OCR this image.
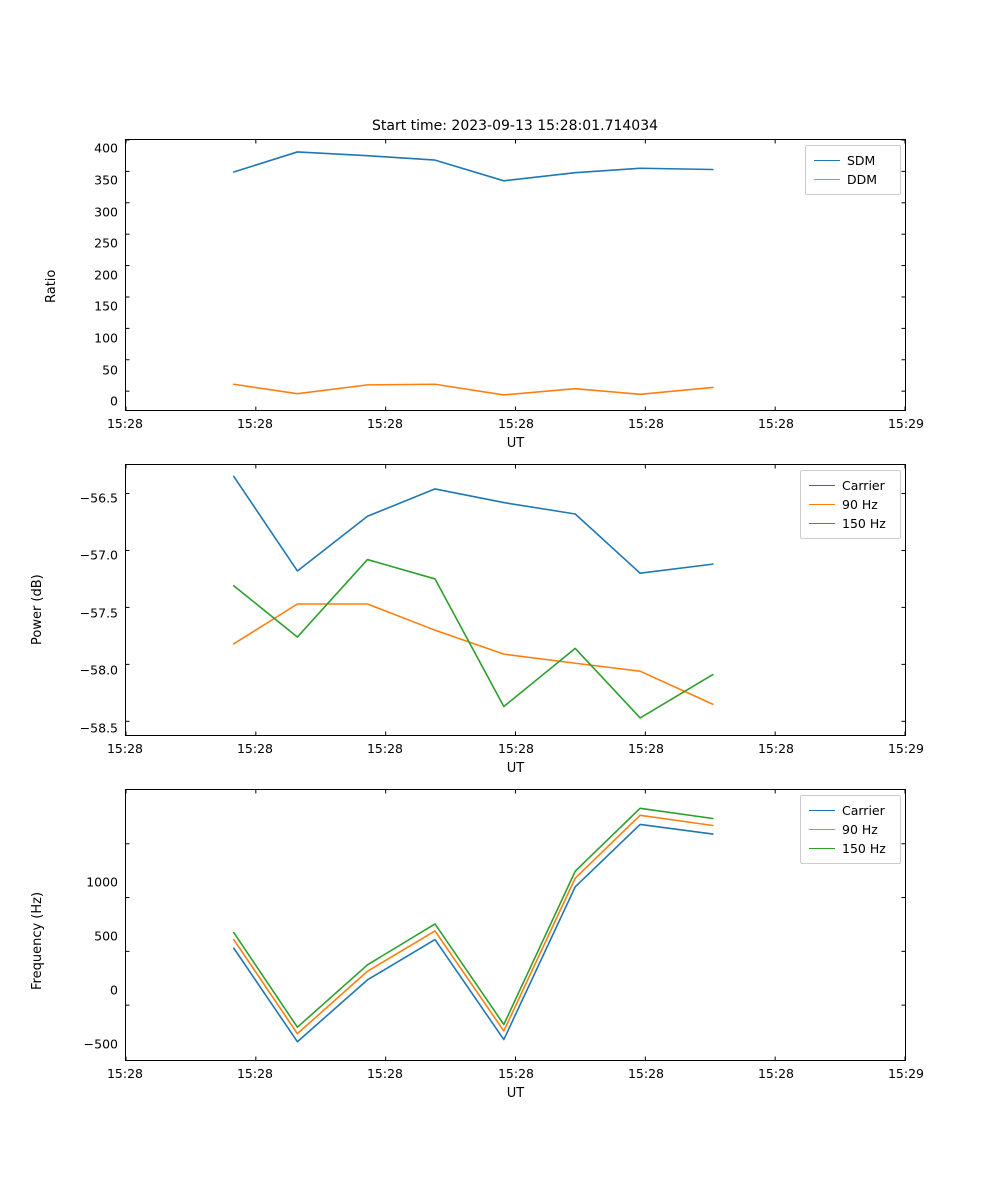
Start time: 2023-09-13 15:28:01.714034
0
50
100
150
200
250
300
350
400
15:28	15:28	15:28	15:28	15:28	15:28	15:29
UT
Ratio
SDM
DDM
−58.5
−58.0
−57.5
−57.0
−56.5
15:28	15:28	15:28	15:28	15:28	15:28	15:29
UT
Power (dB)
Carrier
90 Hz
150 Hz
−500
0
500
1000
15:28	15:28	15:28	15:28	15:28	15:28	15:29
UT
Frequency (Hz)
Carrier
90 Hz
150 Hz
